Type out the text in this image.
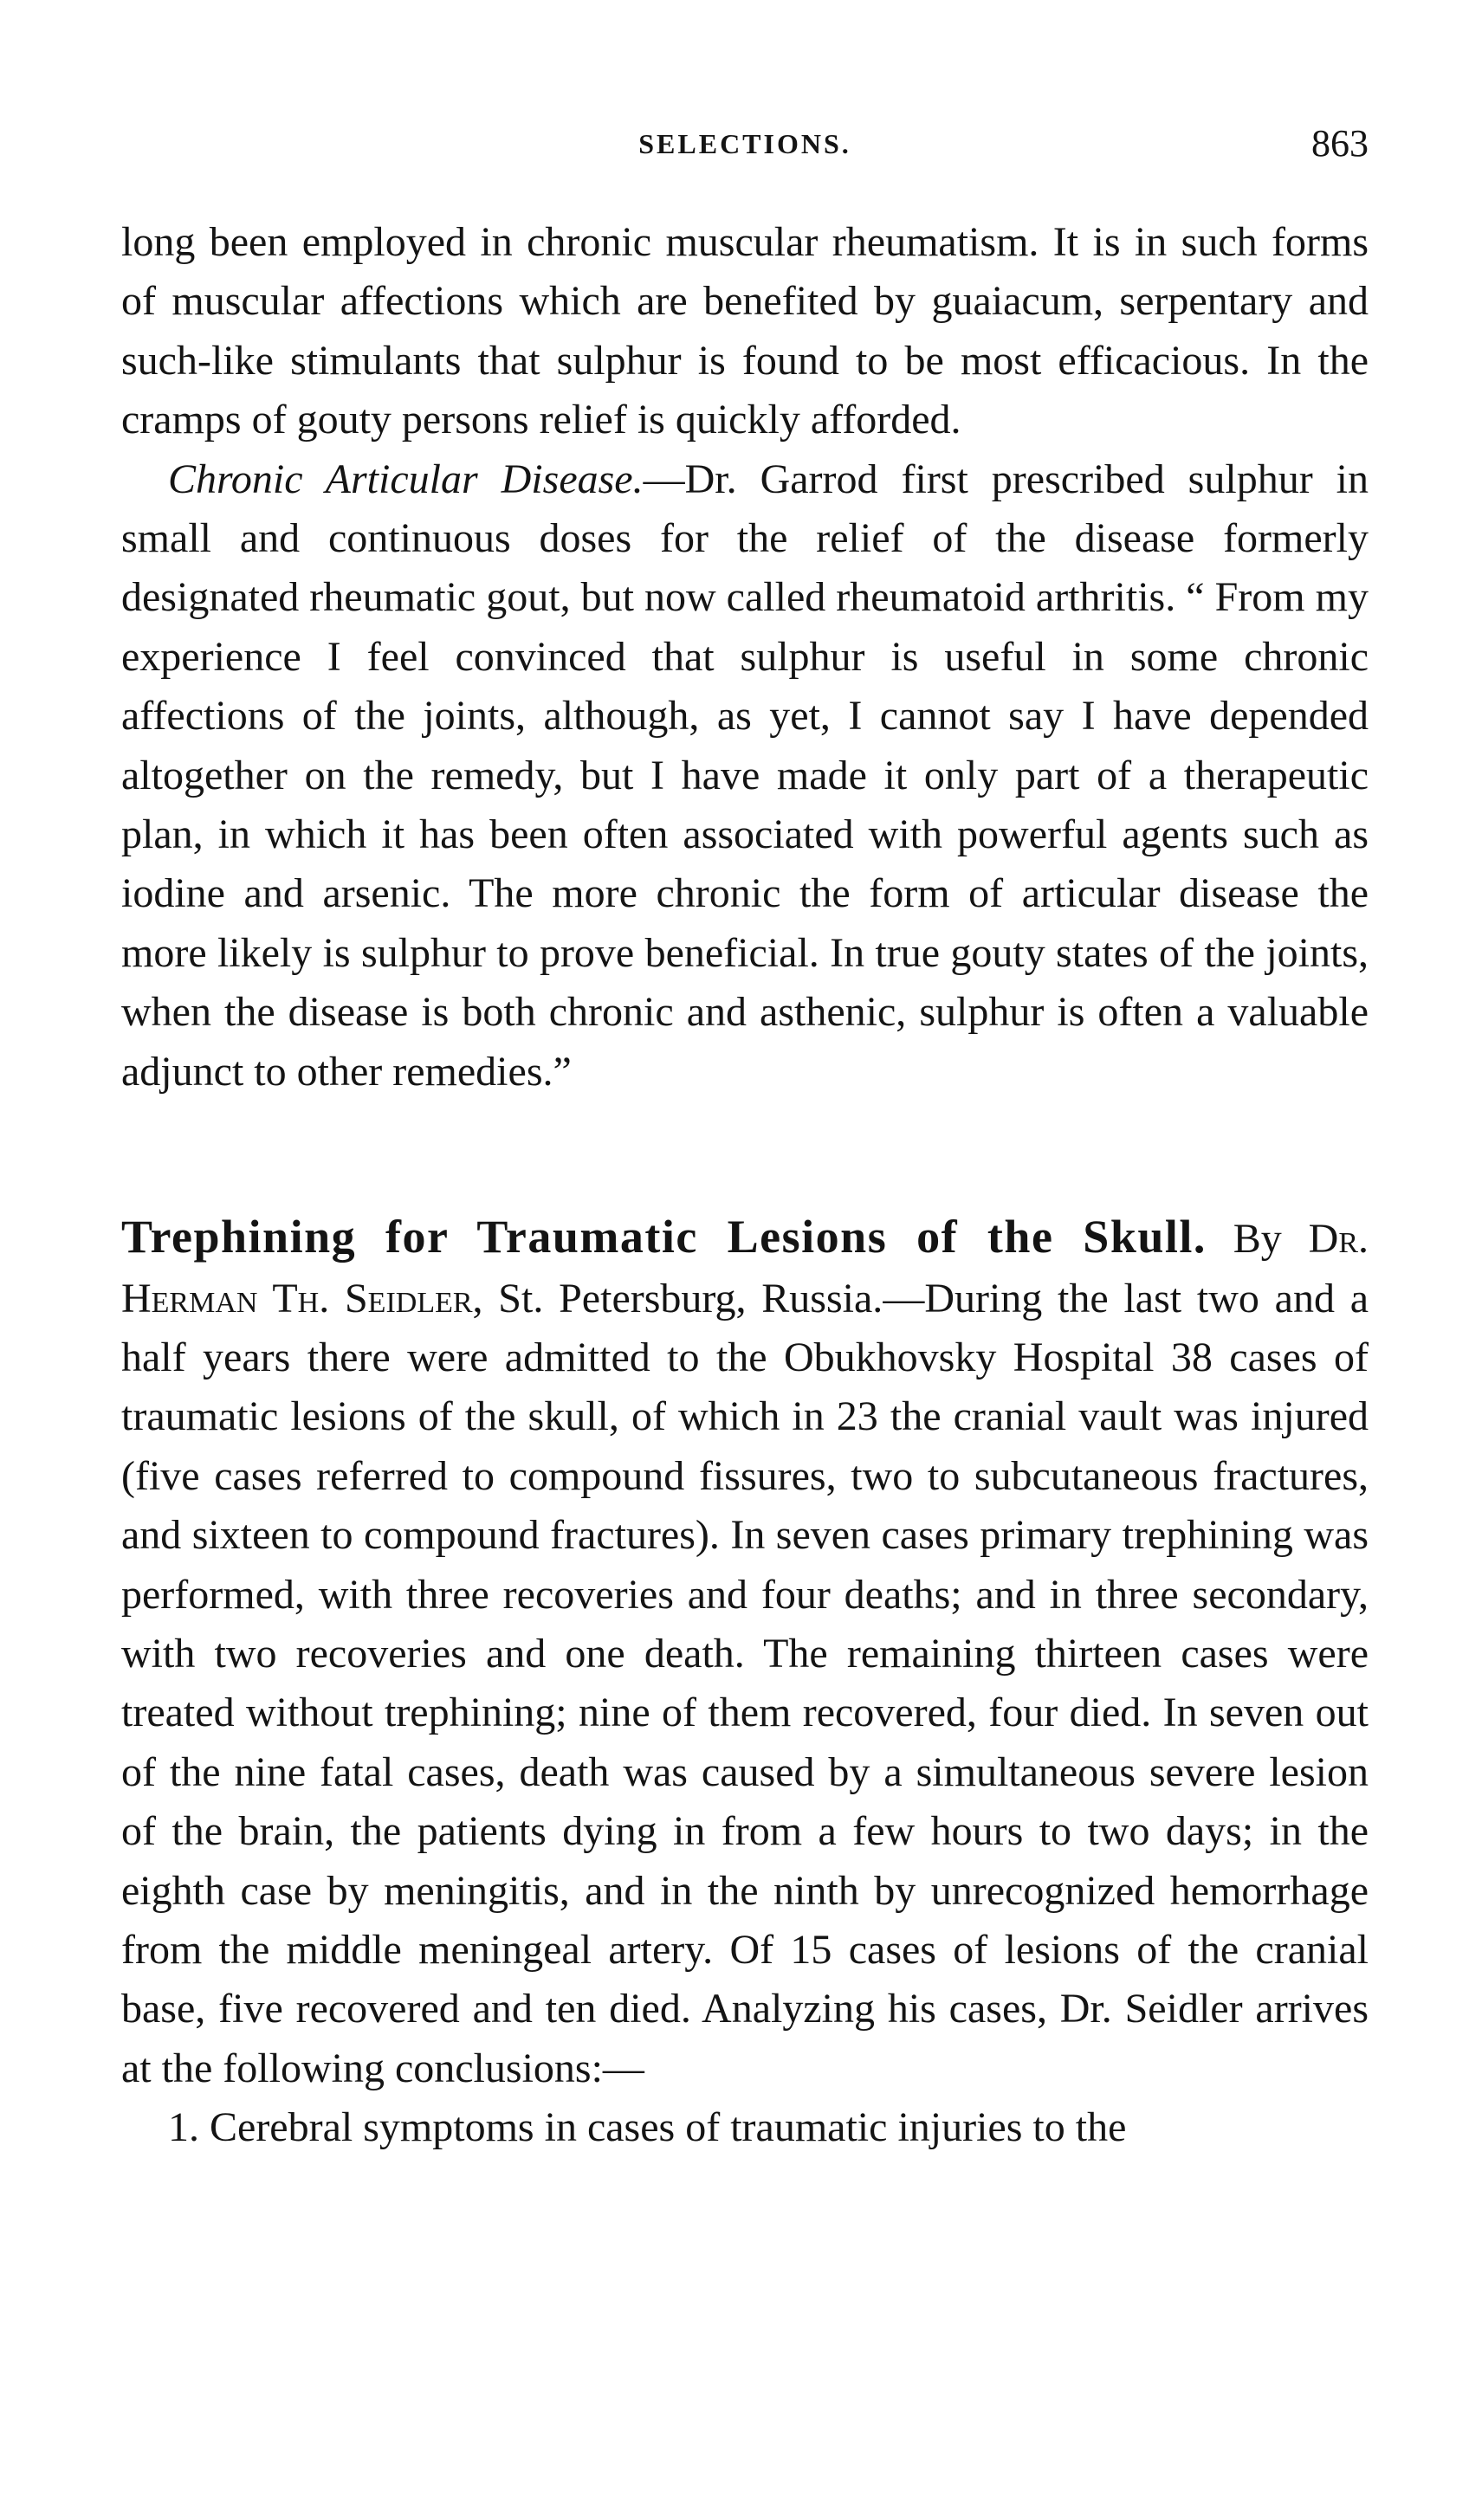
SELECTIONS.	863

long been employed in chronic muscular rheumatism. It is in such forms of muscular affections which are benefited by guaiacum, serpentary and such-like stimulants that sulphur is found to be most efficacious. In the cramps of gouty persons relief is quickly afforded.

Chronic Articular Disease.—Dr. Garrod first prescribed sulphur in small and continuous doses for the relief of the disease formerly designated rheumatic gout, but now called rheumatoid arthritis. “ From my experience I feel convinced that sulphur is useful in some chronic affections of the joints, although, as yet, I cannot say I have depended altogether on the remedy, but I have made it only part of a therapeutic plan, in which it has been often associated with powerful agents such as iodine and arsenic. The more chronic the form of articular disease the more likely is sulphur to prove beneficial. In true gouty states of the joints, when the disease is both chronic and asthenic, sulphur is often a valuable adjunct to other remedies.”

Trephining for Traumatic Lesions of the Skull. By Dr. Herman Th. Seidler, St. Petersburg, Russia.—During the last two and a half years there were admitted to the Obukhovsky Hospital 38 cases of traumatic lesions of the skull, of which in 23 the cranial vault was injured (five cases referred to compound fissures, two to subcutaneous fractures, and sixteen to compound fractures). In seven cases primary trephining was performed, with three recoveries and four deaths; and in three secondary, with two recoveries and one death. The remaining thirteen cases were treated without trephining; nine of them recovered, four died. In seven out of the nine fatal cases, death was caused by a simultaneous severe lesion of the brain, the patients dying in from a few hours to two days; in the eighth case by meningitis, and in the ninth by unrecognized hemorrhage from the middle meningeal artery. Of 15 cases of lesions of the cranial base, five recovered and ten died. Analyzing his cases, Dr. Seidler arrives at the following conclusions:—

1. Cerebral symptoms in cases of traumatic injuries to the
